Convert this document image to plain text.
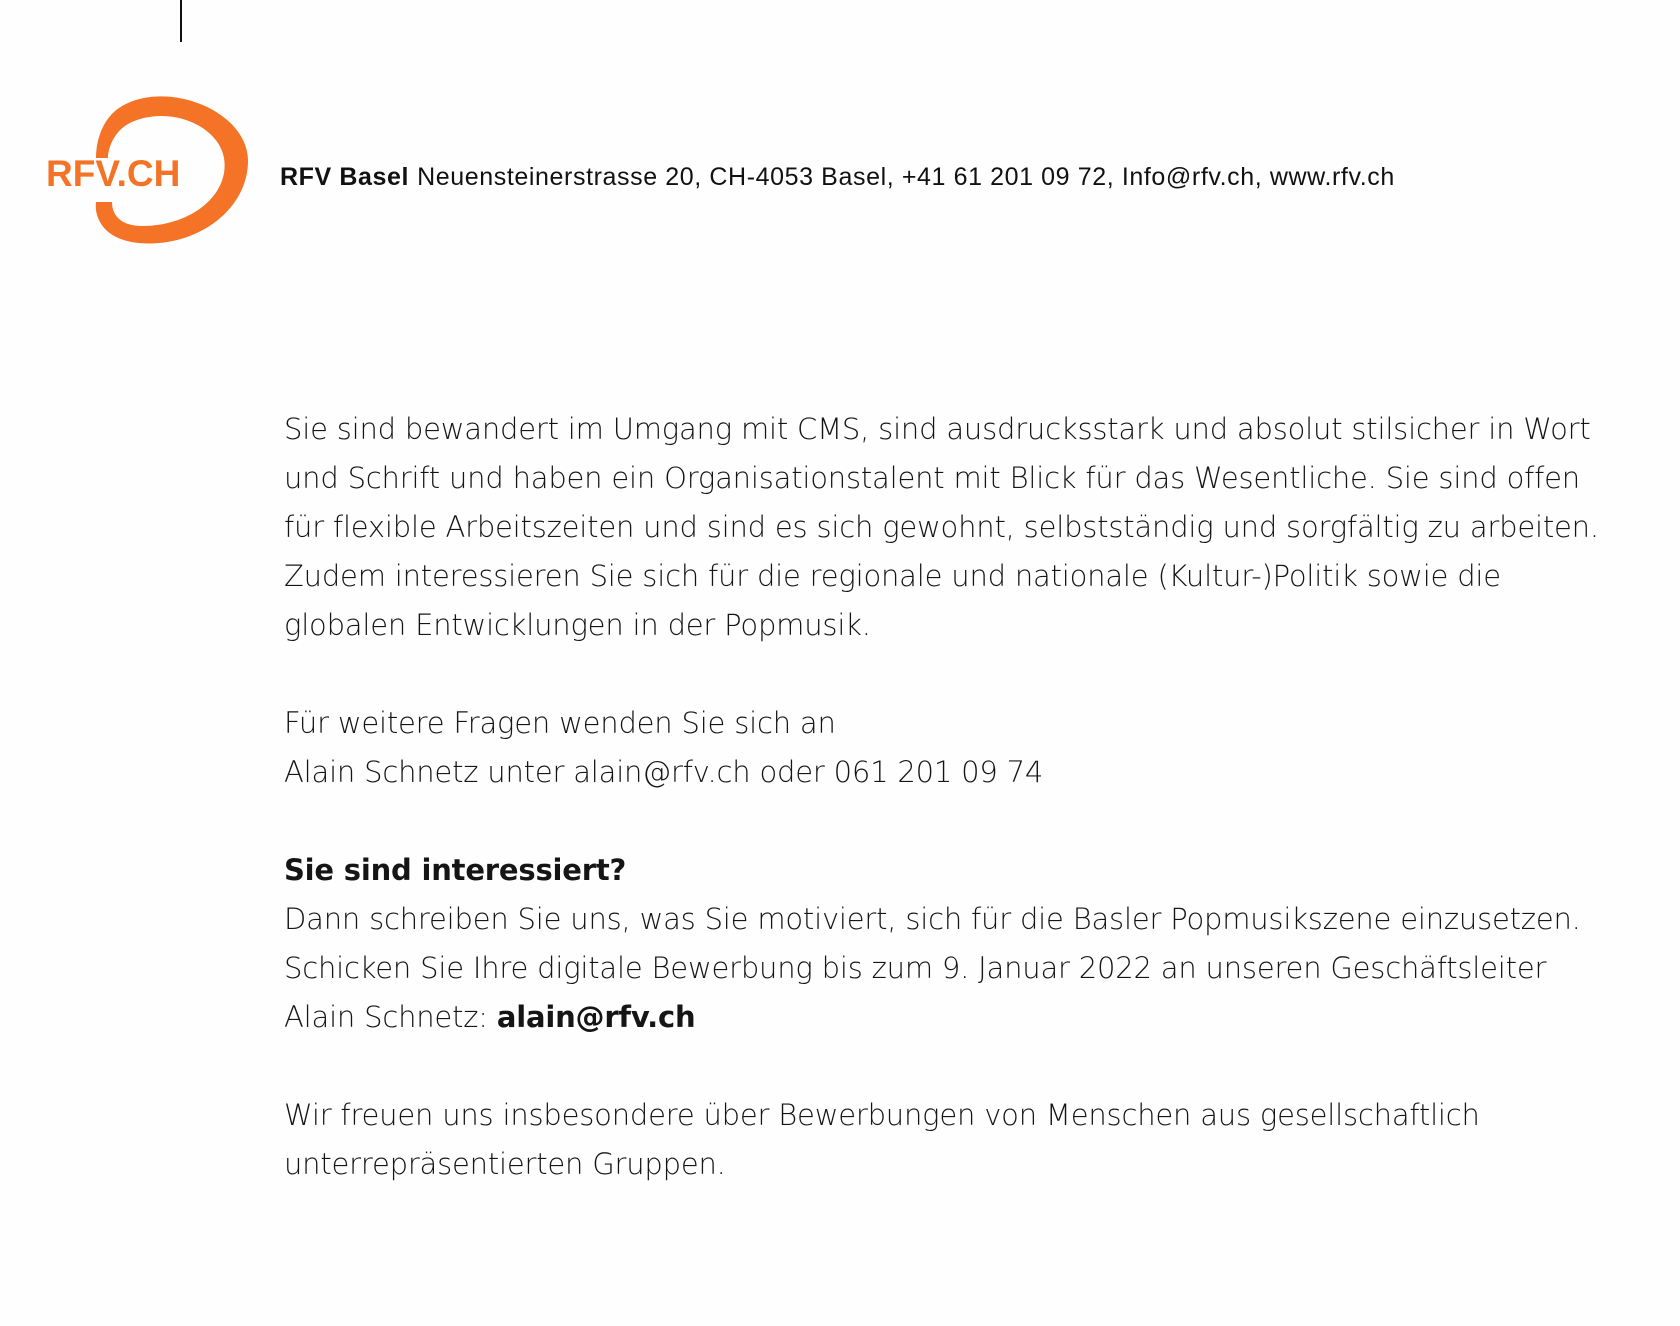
RFV.CH	RFV Basel Neuensteinerstrasse 20, CH-4053 Basel, +41 61 201 09 72, Info@rfv.ch, www.rfv.ch

Sie sind bewandert im Umgang mit CMS, sind ausdrucksstark und absolut stilsicher in Wort
und Schrift und haben ein Organisationstalent mit Blick für das Wesentliche. Sie sind offen
für flexible Arbeitszeiten und sind es sich gewohnt, selbstständig und sorgfältig zu arbeiten.
Zudem interessieren Sie sich für die regionale und nationale (Kultur-)Politik sowie die
globalen Entwicklungen in der Popmusik.

Für weitere Fragen wenden Sie sich an
Alain Schnetz unter alain@rfv.ch oder 061 201 09 74

Sie sind interessiert?
Dann schreiben Sie uns, was Sie motiviert, sich für die Basler Popmusikszene einzusetzen.
Schicken Sie Ihre digitale Bewerbung bis zum 9. Januar 2022 an unseren Geschäftsleiter
Alain Schnetz: alain@rfv.ch

Wir freuen uns insbesondere über Bewerbungen von Menschen aus gesellschaftlich
unterrepräsentierten Gruppen.
